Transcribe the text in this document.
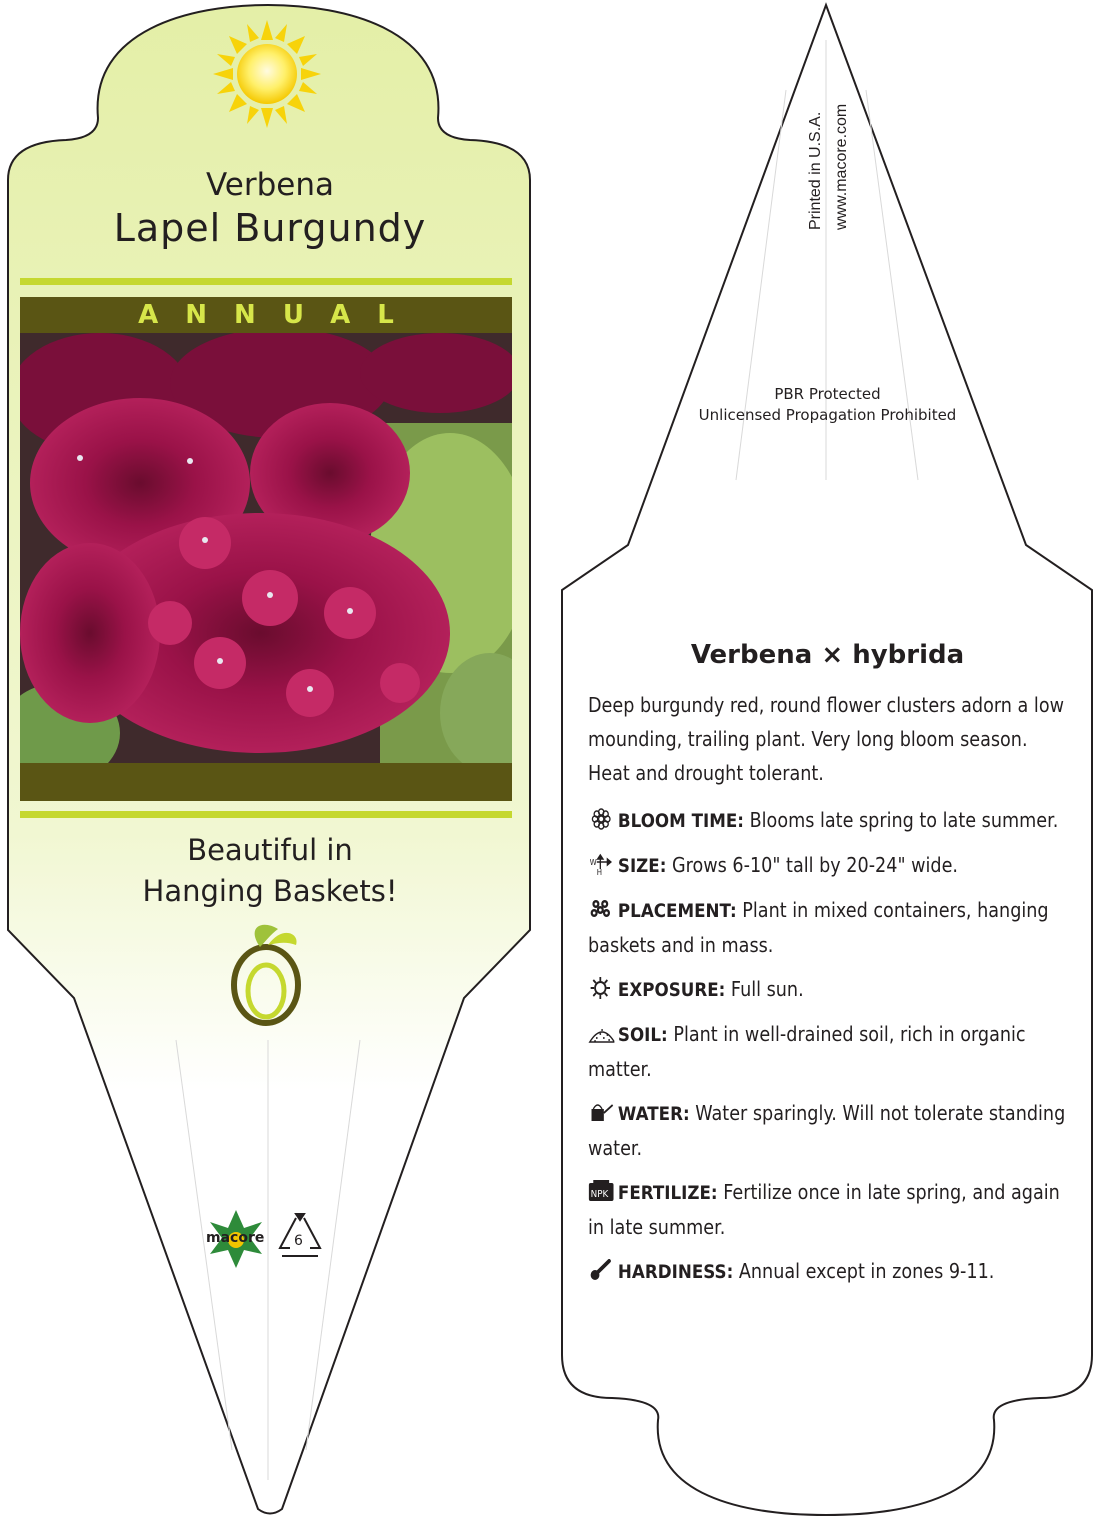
Verbena
Lapel Burgundy
ANNUAL
Beautiful in
Hanging Baskets!
macore 6
Printed in U.S.A. www.macore.com
PBR Protected
Unlicensed Propagation Prohibited
Verbena × hybrida
Deep burgundy red, round flower clusters adorn a low mounding, trailing plant. Very long bloom season. Heat and drought tolerant.
BLOOM TIME: Blooms late spring to late summer.
W
H SIZE: Grows 6-10" tall by 20-24" wide.
PLACEMENT: Plant in mixed containers, hanging baskets and in mass.
EXPOSURE: Full sun.
SOIL: Plant in well-drained soil, rich in organic matter.
WATER: Water sparingly. Will not tolerate standing water.
NPK FERTILIZE: Fertilize once in late spring, and again in late summer.
HARDINESS: Annual except in zones 9-11.
